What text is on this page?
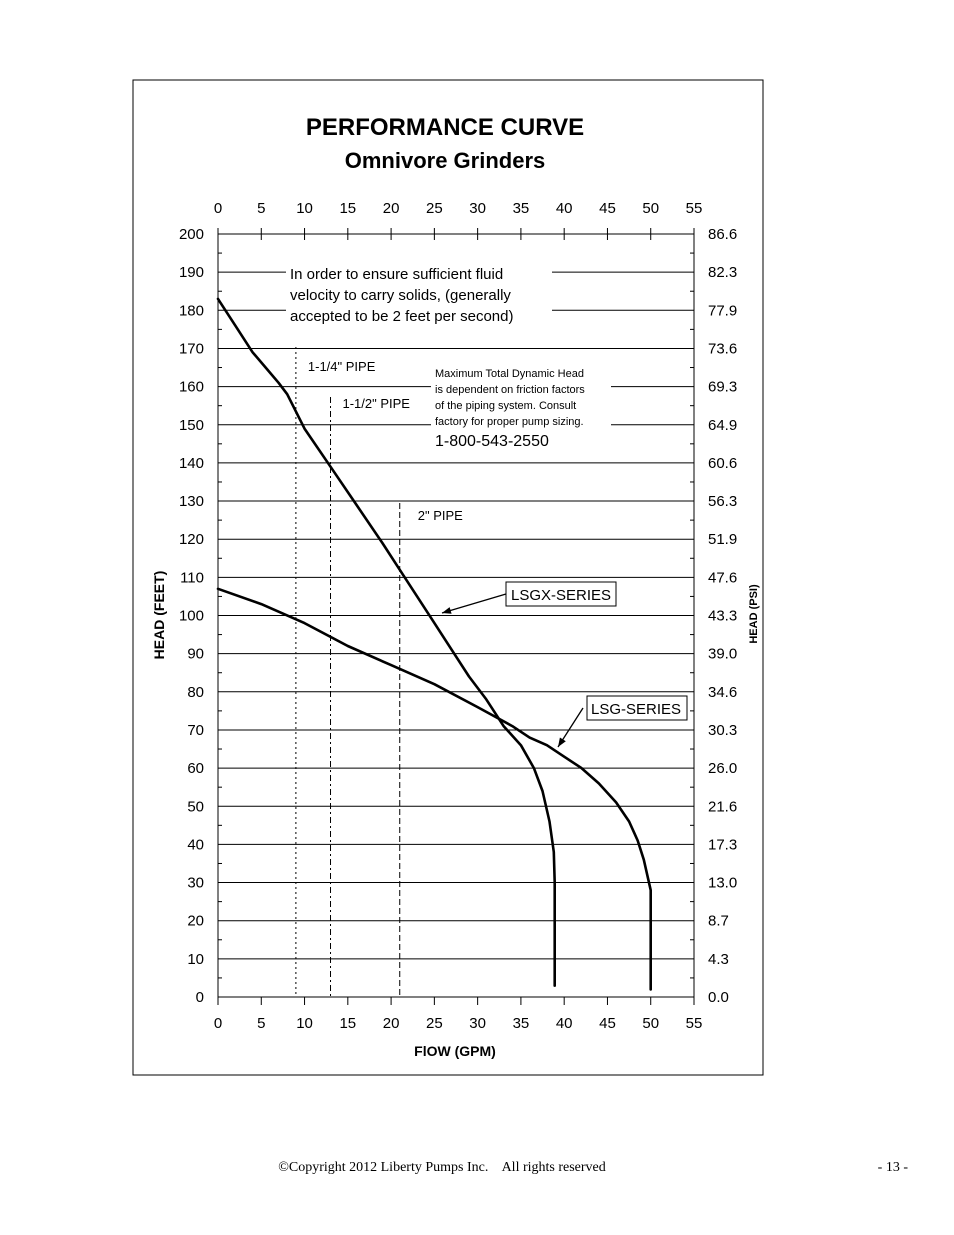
PERFORMANCE CURVE
Omnivore Grinders
1-1/4" PIPE
1-1/2" PIPE
2" PIPE
In order to ensure sufficient fluid
velocity to carry solids, (generally
accepted to be 2 feet per second)
Maximum Total Dynamic Head
is dependent on friction factors
of the piping system. Consult
factory for proper pump sizing.
1-800-543-2550
LSGX-SERIES
LSG-SERIES
0	0.0
10	4.3
20	8.7
30	13.0
40	17.3
50	21.6
60	26.0
70	30.3
80	34.6
90	39.0
100	43.3
110	47.6
120	51.9
130	56.3
140	60.6
150	64.9
160	69.3
170	73.6
180	77.9
190	82.3
200	86.6
0
0
5
5
10
10
15
15
20
20
25
25
30
30
35
35
40
40
45
45
50
50
55
55
FlOW (GPM)
HEAD (FEET)	HEAD (PSI)
©Copyright 2012 Liberty Pumps Inc.    All rights reserved	- 13 -
